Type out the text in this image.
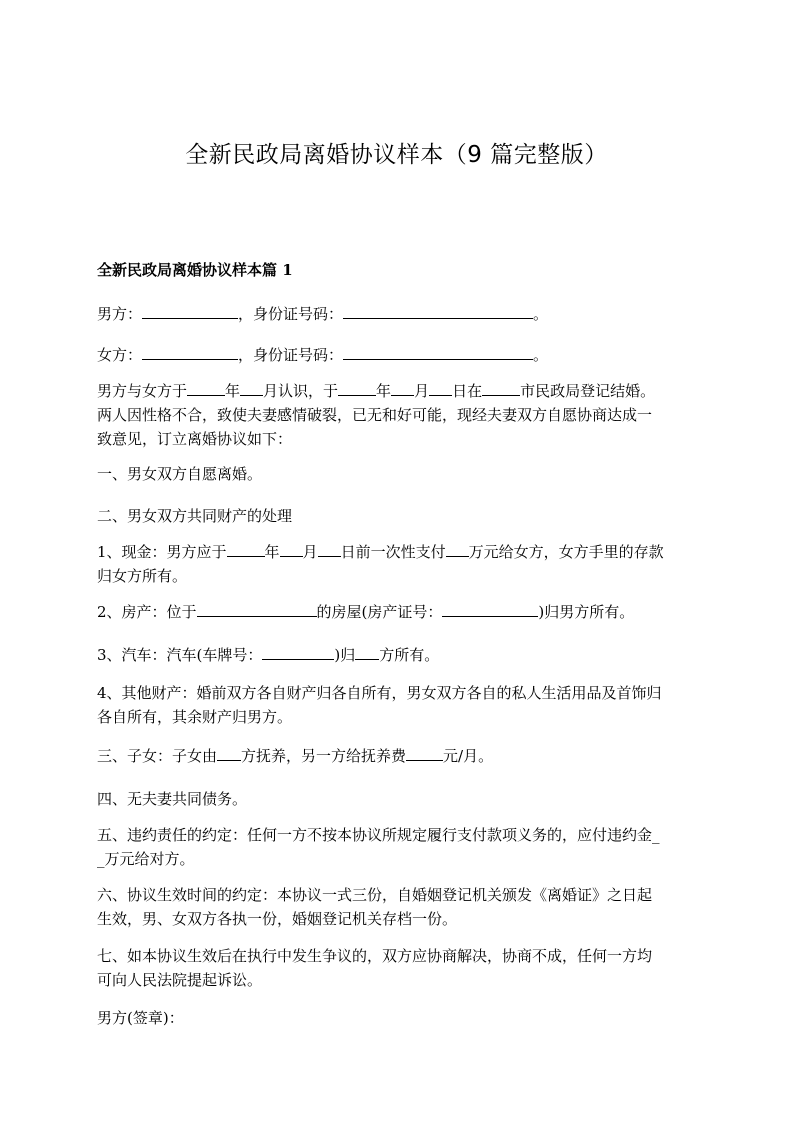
全新民政局离婚协议样本（9 篇完整版）
全新民政局离婚协议样本篇 1
男方：	，身份证号码：	。
女方：	，身份证号码：	。
男方与女方于	年 月认识，于	年 月 日在	市民政局登记结婚。
两人因性格不合，致使夫妻感情破裂，已无和好可能，现经夫妻双方自愿协商达成一
致意见，订立离婚协议如下：
一、男女双方自愿离婚。
二、男女双方共同财产的处理
1、现金：男方应于	年 月 日前一次性支付 万元给女方，女方手里的存款
归女方所有。
2、房产：位于	的房屋(房产证号：	)归男方所有。
3、汽车：汽车(车牌号：	)归 方所有。
4、其他财产：婚前双方各自财产归各自所有，男女双方各自的私人生活用品及首饰归
各自所有，其余财产归男方。
三、子女：子女由 方抚养，另一方给抚养费 元/月。
四、无夫妻共同债务。
五、违约责任的约定：任何一方不按本协议所规定履行支付款项义务的，应付违约金_
_万元给对方。
六、协议生效时间的约定：本协议一式三份，自婚姻登记机关颁发《离婚证》之日起
生效，男、女双方各执一份，婚姻登记机关存档一份。
七、如本协议生效后在执行中发生争议的，双方应协商解决，协商不成，任何一方均
可向人民法院提起诉讼。
男方(签章)：
